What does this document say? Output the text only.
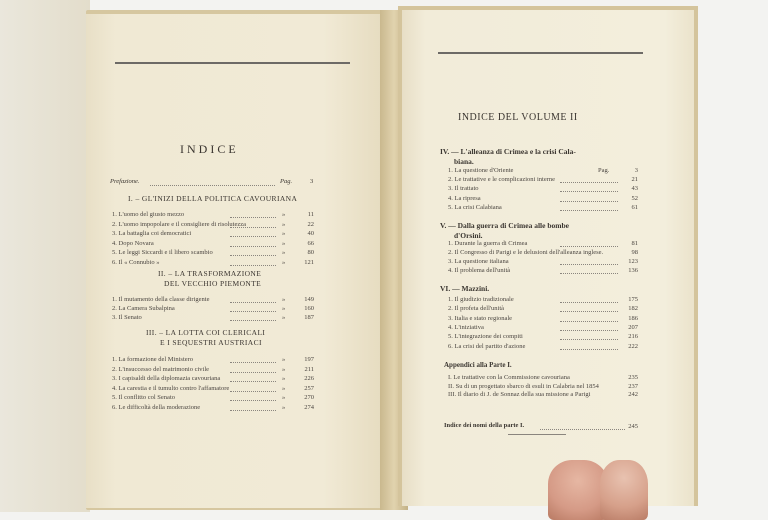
INDICE
Prefazione.	Pag.	3
I. – GL'INIZI DELLA POLITICA CAVOURIANA
II. – LA TRASFORMAZIONE
DEL VECCHIO PIEMONTE
III. – LA LOTTA COI CLERICALI
E I SEQUESTRI AUSTRIACI
INDICE DEL VOLUME II
IV. — L'alleanza di Crimea e la crisi Cala-
biana.
V. — Dalla guerra di Crimea alle bombe
d'Orsini.
VI. — Mazzini.
Appendici alla Parte I.
Indice dei nomi della parte I.	245
1. L'uomo del giusto mezzo	»	11
2. L'uomo impopolare e il consigliere di risolutezza	»	22
3. La battaglia coi democratici	»	40
4. Dopo Novara	»	66
5. Le leggi Siccardi e il libero scambio	»	80
6. Il « Connubio »	»	121
1. Il mutamento della classe dirigente	»	149
2. La Camera Subalpina	»	160
3. Il Senato	»	187
1. La formazione del Ministero	»	197
2. L'insuccesso del matrimonio civile	»	211
3. I capisaldi della diplomazia cavouriana	»	226
4. La carestia e il tumulto contro l'affamatore	»	257
5. Il conflitto col Senato	»	270
6. Le difficoltà della moderazione	»	274
1. La questione d'Oriente	Pag.	3
2. Le trattative e le complicazioni interne	21
3. Il trattato	43
4. La ripresa	52
5. La crisi Calabiana	61
1. Durante la guerra di Crimea	81
2. Il Congresso di Parigi e le delusioni dell'alleanza inglese.	98
3. La questione italiana	123
4. Il problema dell'unità	136
1. Il giudizio tradizionale	175
2. Il profeta dell'unità	182
3. Italia e stato regionale	186
4. L'iniziativa	207
5. L'integrazione dei compiti	216
6. La crisi del partito d'azione	222
I. Le trattative con la Commissione cavouriana	235
II. Su di un progettato sbarco di esuli in Calabria nel 1854	237
III. Il diario di J. de Sonnaz della sua missione a Parigi	242
